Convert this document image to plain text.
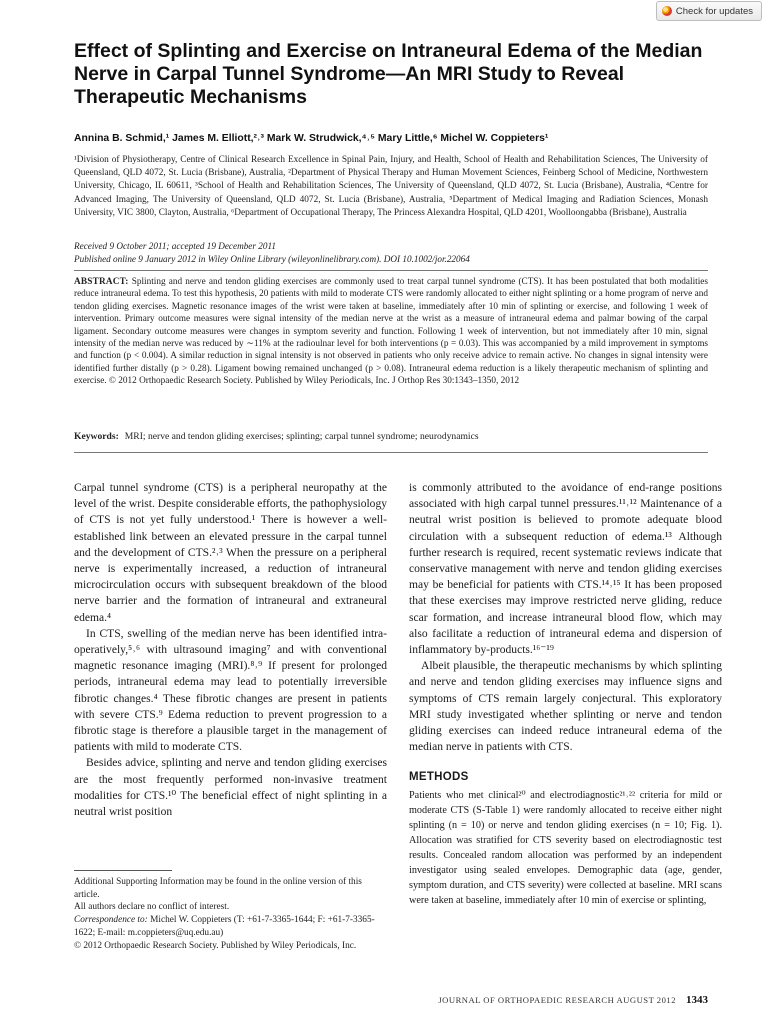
Check for updates
Effect of Splinting and Exercise on Intraneural Edema of the Median Nerve in Carpal Tunnel Syndrome—An MRI Study to Reveal Therapeutic Mechanisms
Annina B. Schmid,¹ James M. Elliott,²˒³ Mark W. Strudwick,⁴˒⁵ Mary Little,⁶ Michel W. Coppieters¹
¹Division of Physiotherapy, Centre of Clinical Research Excellence in Spinal Pain, Injury, and Health, School of Health and Rehabilitation Sciences, The University of Queensland, QLD 4072, St. Lucia (Brisbane), Australia, ²Department of Physical Therapy and Human Movement Sciences, Feinberg School of Medicine, Northwestern University, Chicago, IL 60611, ³School of Health and Rehabilitation Sciences, The University of Queensland, QLD 4072, St. Lucia (Brisbane), Australia, ⁴Centre for Advanced Imaging, The University of Queensland, QLD 4072, St. Lucia (Brisbane), Australia, ⁵Department of Medical Imaging and Radiation Sciences, Monash University, VIC 3800, Clayton, Australia, ⁶Department of Occupational Therapy, The Princess Alexandra Hospital, QLD 4201, Woolloongabba (Brisbane), Australia
Received 9 October 2011; accepted 19 December 2011
Published online 9 January 2012 in Wiley Online Library (wileyonlinelibrary.com). DOI 10.1002/jor.22064
ABSTRACT: Splinting and nerve and tendon gliding exercises are commonly used to treat carpal tunnel syndrome (CTS). It has been postulated that both modalities reduce intraneural edema. To test this hypothesis, 20 patients with mild to moderate CTS were randomly allocated to either night splinting or a home program of nerve and tendon gliding exercises. Magnetic resonance images of the wrist were taken at baseline, immediately after 10 min of splinting or exercise, and following 1 week of intervention. Primary outcome measures were signal intensity of the median nerve at the wrist as a measure of intraneural edema and palmar bowing of the carpal ligament. Secondary outcome measures were changes in symptom severity and function. Following 1 week of intervention, but not immediately after 10 min, signal intensity of the median nerve was reduced by ∼11% at the radioulnar level for both interventions (p = 0.03). This was accompanied by a mild improvement in symptoms and function (p < 0.004). A similar reduction in signal intensity is not observed in patients who only receive advice to remain active. No changes in signal intensity were identified further distally (p > 0.28). Ligament bowing remained unchanged (p > 0.08). Intraneural edema reduction is a likely therapeutic mechanism of splinting and exercise. © 2012 Orthopaedic Research Society. Published by Wiley Periodicals, Inc. J Orthop Res 30:1343–1350, 2012
Keywords: MRI; nerve and tendon gliding exercises; splinting; carpal tunnel syndrome; neurodynamics

Carpal tunnel syndrome (CTS) is a peripheral neuropathy at the level of the wrist. Despite considerable efforts, the pathophysiology of CTS is not yet fully understood.¹ There is however a well-established link between an elevated pressure in the carpal tunnel and the development of CTS.²˒³ When the pressure on a peripheral nerve is experimentally increased, a reduction of intraneural microcirculation occurs with subsequent breakdown of the blood nerve barrier and the formation of intraneural and extraneural edema.⁴

In CTS, swelling of the median nerve has been identified intra-operatively,⁵˒⁶ with ultrasound imaging⁷ and with conventional magnetic resonance imaging (MRI).⁸˒⁹ If present for prolonged periods, intraneural edema may lead to potentially irreversible fibrotic changes.⁴ These fibrotic changes are present in patients with severe CTS.⁹ Edema reduction to prevent progression to a fibrotic stage is therefore a plausible target in the management of patients with mild to moderate CTS.

Besides advice, splinting and nerve and tendon gliding exercises are the most frequently performed non-invasive treatment modalities for CTS.¹⁰ The beneficial effect of night splinting in a neutral wrist position

is commonly attributed to the avoidance of end-range positions associated with high carpal tunnel pressures.¹¹˒¹² Maintenance of a neutral wrist position is believed to promote adequate blood circulation with a subsequent reduction of edema.¹³ Although further research is required, recent systematic reviews indicate that conservative management with nerve and tendon gliding exercises may be beneficial for patients with CTS.¹⁴˒¹⁵ It has been proposed that these exercises may improve restricted nerve gliding, reduce scar formation, and increase intraneural blood flow, which may also facilitate a reduction of intraneural edema and dispersion of inflammatory by-products.¹⁶⁻¹⁹

Albeit plausible, the therapeutic mechanisms by which splinting and nerve and tendon gliding exercises may influence signs and symptoms of CTS remain largely conjectural. This exploratory MRI study investigated whether splinting or nerve and tendon gliding exercises can indeed reduce intraneural edema of the median nerve in patients with CTS.

METHODS

Patients who met clinical²⁰ and electrodiagnostic²¹˒²² criteria for mild or moderate CTS (S-Table 1) were randomly allocated to receive either night splinting (n = 10) or nerve and tendon gliding exercises (n = 10; Fig. 1). Allocation was stratified for CTS severity based on electrodiagnostic test results. Concealed random allocation was performed by an independent investigator using sealed envelopes. Demographic data (age, gender, symptom duration, and CTS severity) were collected at baseline. MRI scans were taken at baseline, immediately after 10 min of exercise or splinting,

Additional Supporting Information may be found in the online version of this article.
All authors declare no conflict of interest.
Correspondence to: Michel W. Coppieters (T: +61-7-3365-1644; F: +61-7-3365-1622; E-mail: m.coppieters@uq.edu.au)
© 2012 Orthopaedic Research Society. Published by Wiley Periodicals, Inc.
JOURNAL OF ORTHOPAEDIC RESEARCH AUGUST 2012 1343
